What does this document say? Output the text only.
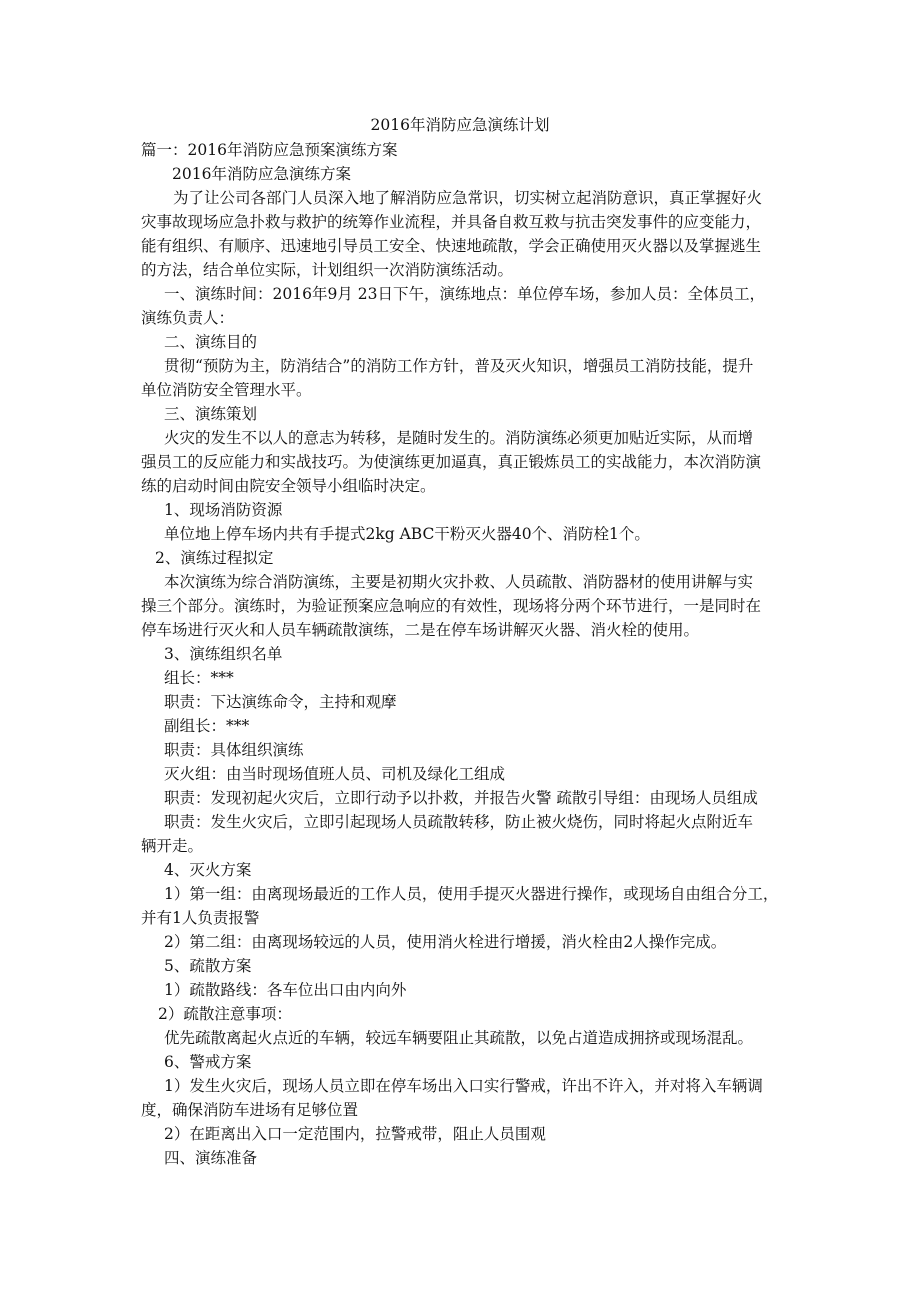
2016年消防应急演练计划

篇一：2016年消防应急预案演练方案

2016年消防应急演练方案

为了让公司各部门人员深入地了解消防应急常识，切实树立起消防意识，真正掌握好火

灾事故现场应急扑救与救护的统筹作业流程，并具备自救互救与抗击突发事件的应变能力，

能有组织、有顺序、迅速地引导员工安全、快速地疏散，学会正确使用灭火器以及掌握逃生

的方法，结合单位实际，计划组织一次消防演练活动。

一、演练时间：2016年9月 23日下午，演练地点：单位停车场，参加人员：全体员工，

演练负责人：

二、演练目的

贯彻“预防为主，防消结合”的消防工作方针，普及灭火知识，增强员工消防技能，提升

单位消防安全管理水平。

三、演练策划

火灾的发生不以人的意志为转移，是随时发生的。消防演练必须更加贴近实际，从而增

强员工的反应能力和实战技巧。为使演练更加逼真，真正锻炼员工的实战能力，本次消防演

练的启动时间由院安全领导小组临时决定。

1、现场消防资源

单位地上停车场内共有手提式2kg ABC干粉灭火器40个、消防栓1个。

2、演练过程拟定

本次演练为综合消防演练，主要是初期火灾扑救、人员疏散、消防器材的使用讲解与实

操三个部分。演练时，为验证预案应急响应的有效性，现场将分两个环节进行，一是同时在

停车场进行灭火和人员车辆疏散演练，二是在停车场讲解灭火器、消火栓的使用。

3、演练组织名单

组长：***

职责：下达演练命令，主持和观摩

副组长：***

职责：具体组织演练

灭火组：由当时现场值班人员、司机及绿化工组成

职责：发现初起火灾后，立即行动予以扑救，并报告火警 疏散引导组：由现场人员组成

职责：发生火灾后，立即引起现场人员疏散转移，防止被火烧伤，同时将起火点附近车

辆开走。

4、灭火方案

1）第一组：由离现场最近的工作人员，使用手提灭火器进行操作，或现场自由组合分工，

并有1人负责报警

2）第二组：由离现场较远的人员，使用消火栓进行增援，消火栓由2人操作完成。

5、疏散方案

1）疏散路线：各车位出口由内向外

2）疏散注意事项：

优先疏散离起火点近的车辆，较远车辆要阻止其疏散，以免占道造成拥挤或现场混乱。

6、警戒方案

1）发生火灾后，现场人员立即在停车场出入口实行警戒，许出不许入，并对将入车辆调

度，确保消防车进场有足够位置

2）在距离出入口一定范围内，拉警戒带，阻止人员围观

四、演练准备
